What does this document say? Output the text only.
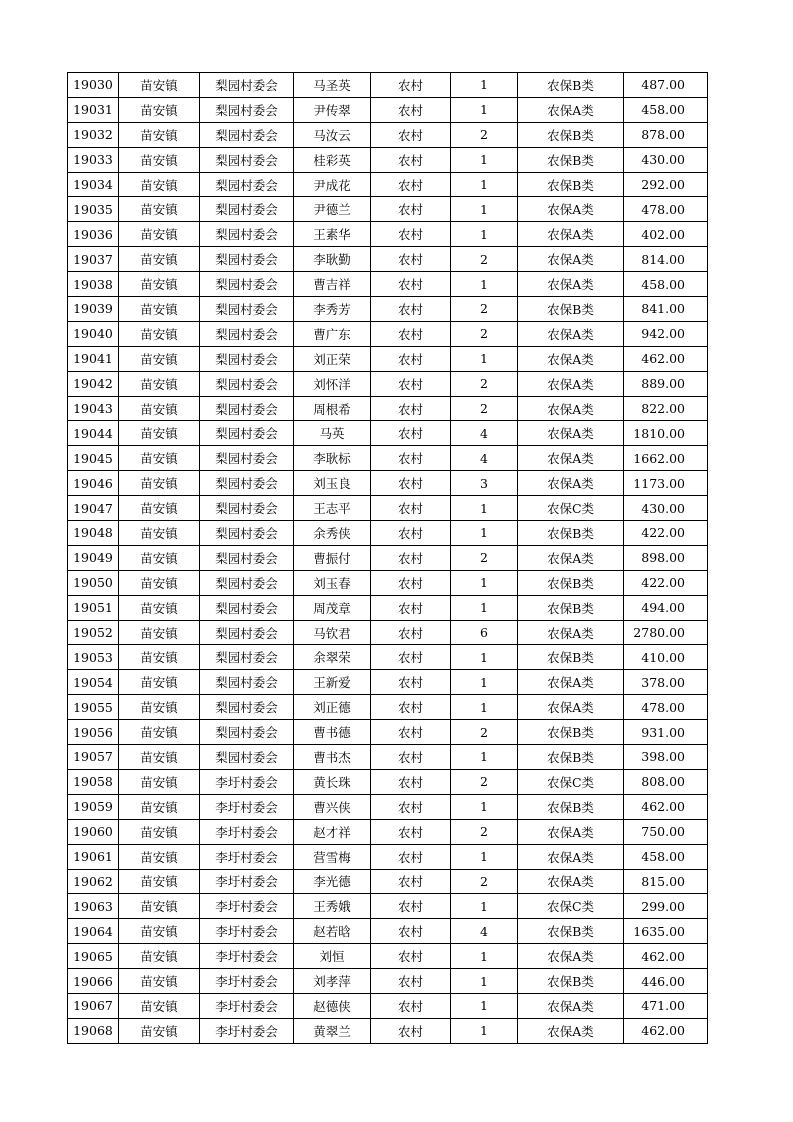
19030	苗安镇	梨园村委会	马圣英	农村	1	农保B类	487.00
19031	苗安镇	梨园村委会	尹传翠	农村	1	农保A类	458.00
19032	苗安镇	梨园村委会	马汝云	农村	2	农保B类	878.00
19033	苗安镇	梨园村委会	桂彩英	农村	1	农保B类	430.00
19034	苗安镇	梨园村委会	尹成花	农村	1	农保B类	292.00
19035	苗安镇	梨园村委会	尹德兰	农村	1	农保A类	478.00
19036	苗安镇	梨园村委会	王素华	农村	1	农保A类	402.00
19037	苗安镇	梨园村委会	李耿勤	农村	2	农保A类	814.00
19038	苗安镇	梨园村委会	曹吉祥	农村	1	农保A类	458.00
19039	苗安镇	梨园村委会	李秀芳	农村	2	农保B类	841.00
19040	苗安镇	梨园村委会	曹广东	农村	2	农保A类	942.00
19041	苗安镇	梨园村委会	刘正荣	农村	1	农保A类	462.00
19042	苗安镇	梨园村委会	刘怀洋	农村	2	农保A类	889.00
19043	苗安镇	梨园村委会	周根希	农村	2	农保A类	822.00
19044	苗安镇	梨园村委会	马英	农村	4	农保A类	1810.00
19045	苗安镇	梨园村委会	李耿标	农村	4	农保A类	1662.00
19046	苗安镇	梨园村委会	刘玉良	农村	3	农保A类	1173.00
19047	苗安镇	梨园村委会	王志平	农村	1	农保C类	430.00
19048	苗安镇	梨园村委会	余秀侠	农村	1	农保B类	422.00
19049	苗安镇	梨园村委会	曹振付	农村	2	农保A类	898.00
19050	苗安镇	梨园村委会	刘玉春	农村	1	农保B类	422.00
19051	苗安镇	梨园村委会	周茂章	农村	1	农保B类	494.00
19052	苗安镇	梨园村委会	马钦君	农村	6	农保A类	2780.00
19053	苗安镇	梨园村委会	余翠荣	农村	1	农保B类	410.00
19054	苗安镇	梨园村委会	王新爱	农村	1	农保A类	378.00
19055	苗安镇	梨园村委会	刘正德	农村	1	农保A类	478.00
19056	苗安镇	梨园村委会	曹书德	农村	2	农保B类	931.00
19057	苗安镇	梨园村委会	曹书杰	农村	1	农保B类	398.00
19058	苗安镇	李圩村委会	黄长珠	农村	2	农保C类	808.00
19059	苗安镇	李圩村委会	曹兴侠	农村	1	农保B类	462.00
19060	苗安镇	李圩村委会	赵才祥	农村	2	农保A类	750.00
19061	苗安镇	李圩村委会	营雪梅	农村	1	农保A类	458.00
19062	苗安镇	李圩村委会	李光德	农村	2	农保A类	815.00
19063	苗安镇	李圩村委会	王秀娥	农村	1	农保C类	299.00
19064	苗安镇	李圩村委会	赵若晗	农村	4	农保B类	1635.00
19065	苗安镇	李圩村委会	刘恒	农村	1	农保A类	462.00
19066	苗安镇	李圩村委会	刘孝萍	农村	1	农保B类	446.00
19067	苗安镇	李圩村委会	赵德侠	农村	1	农保A类	471.00
19068	苗安镇	李圩村委会	黄翠兰	农村	1	农保A类	462.00
